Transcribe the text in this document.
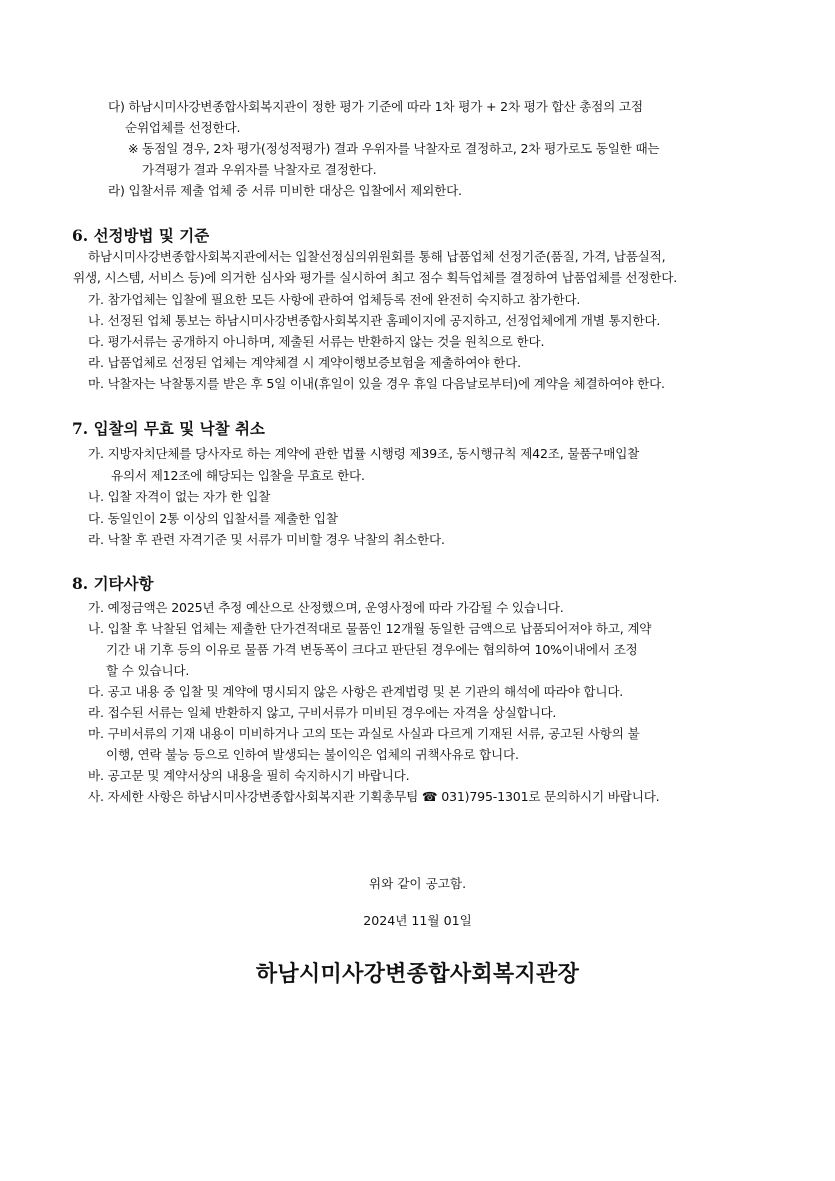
다) 하남시미사강변종합사회복지관이 정한 평가 기준에 따라 1차 평가 + 2차 평가 합산 총점의 고점
순위업체를 선정한다.
※ 동점일 경우, 2차 평가(정성적평가) 결과 우위자를 낙찰자로 결정하고, 2차 평가로도 동일한 때는
가격평가 결과 우위자를 낙찰자로 결정한다.
라) 입찰서류 제출 업체 중 서류 미비한 대상은 입찰에서 제외한다.
6. 선정방법 및 기준
하남시미사강변종합사회복지관에서는 입찰선정심의위원회를 통해 납품업체 선정기준(품질, 가격, 납품실적,
위생, 시스템, 서비스 등)에 의거한 심사와 평가를 실시하여 최고 점수 획득업체를 결정하여 납품업체를 선정한다.
가. 참가업체는 입찰에 필요한 모든 사항에 관하여 업체등록 전에 완전히 숙지하고 참가한다.
나. 선정된 업체 통보는 하남시미사강변종합사회복지관 홈페이지에 공지하고, 선정업체에게 개별 통지한다.
다. 평가서류는 공개하지 아니하며, 제출된 서류는 반환하지 않는 것을 원칙으로 한다.
라. 납품업체로 선정된 업체는 계약체결 시 계약이행보증보험을 제출하여야 한다.
마. 낙찰자는 낙찰통지를 받은 후 5일 이내(휴일이 있을 경우 휴일 다음날로부터)에 계약을 체결하여야 한다.
7. 입찰의 무효 및 낙찰 취소
가. 지방자치단체를 당사자로 하는 계약에 관한 법률 시행령 제39조, 동시행규칙 제42조, 물품구매입찰
유의서 제12조에 해당되는 입찰을 무효로 한다.
나. 입찰 자격이 없는 자가 한 입찰
다. 동일인이 2통 이상의 입찰서를 제출한 입찰
라. 낙찰 후 관련 자격기준 및 서류가 미비할 경우 낙찰의 취소한다.
8. 기타사항
가. 예정금액은 2025년 추정 예산으로 산정했으며, 운영사정에 따라 가감될 수 있습니다.
나. 입찰 후 낙찰된 업체는 제출한 단가견적대로 물품인 12개월 동일한 금액으로 납품되어져야 하고, 계약
기간 내 기후 등의 이유로 물품 가격 변동폭이 크다고 판단된 경우에는 협의하여 10%이내에서 조정
할 수 있습니다.
다. 공고 내용 중 입찰 및 계약에 명시되지 않은 사항은 관계법령 및 본 기관의 해석에 따라야 합니다.
라. 접수된 서류는 일체 반환하지 않고, 구비서류가 미비된 경우에는 자격을 상실합니다.
마. 구비서류의 기재 내용이 미비하거나 고의 또는 과실로 사실과 다르게 기재된 서류, 공고된 사항의 불
이행, 연락 불능 등으로 인하여 발생되는 불이익은 업체의 귀책사유로 합니다.
바. 공고문 및 계약서상의 내용을 필히 숙지하시기 바랍니다.
사. 자세한 사항은 하남시미사강변종합사회복지관 기획총무팀 ☎ 031)795-1301로 문의하시기 바랍니다.
위와 같이 공고함.
2024년 11월 01일
하남시미사강변종합사회복지관장
